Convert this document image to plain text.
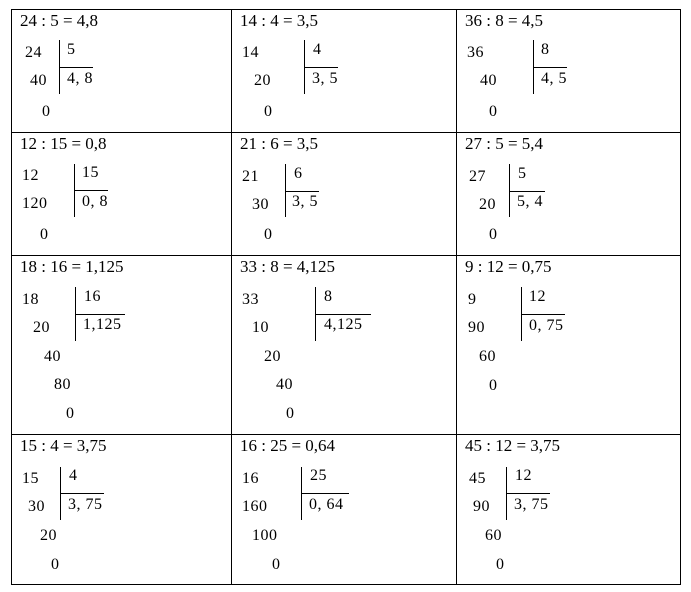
24 : 5 = 4,8
24 5
4, 8
40
0
14 : 4 = 3,5
14	4
3, 5
20
0
36 : 8 = 4,5
36	8
4, 5
40
0
12 : 15 = 0,8
12	15
0, 8
120
0
21 : 6 = 3,5
21 6
3, 5
30
0
27 : 5 = 5,4
27 5
5, 4
20
0
18 : 16 = 1,125
18	16
1,125
20
40
80
0
33 : 8 = 4,125
33	8
4,125
10
20
40
0
9 : 12 = 0,75
9	12
0, 75
90
60
0
15 : 4 = 3,75
15 4
3, 75
30
20
0
16 : 25 = 0,64
16	25
0, 64
160
100
0
45 : 12 = 3,75
45 12
3, 75
90
60
0
